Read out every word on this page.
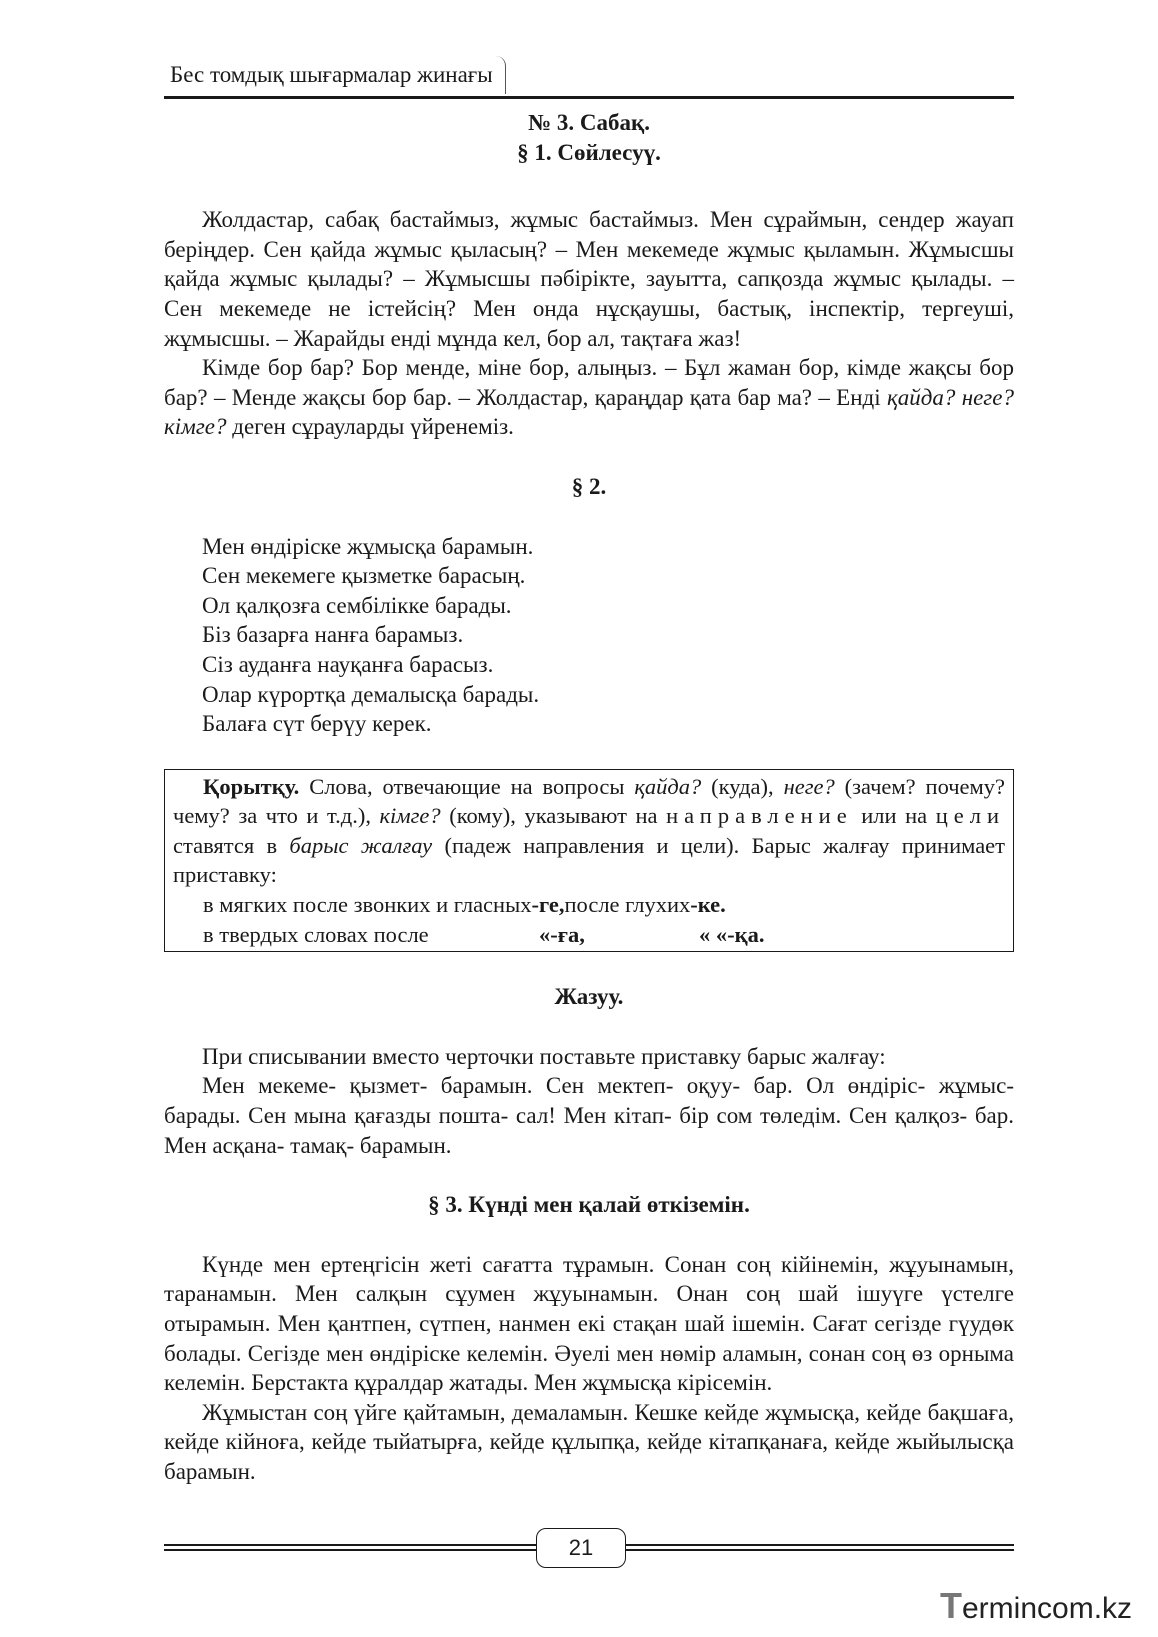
Бес томдық шығармалар жинағы
№ 3. Сабақ.
§ 1. Сөйлесуү.

Жолдастар, сабақ бастаймыз, жұмыс бастаймыз. Мен сұраймын, сендер жауап беріңдер. Сен қайда жұмыс қыласың? – Мен мекемеде жұмыс қыламын. Жұмысшы қайда жұмыс қылады? – Жұмысшы пәбірікте, зауытта, сапқозда жұмыс қылады. – Сен мекемеде не істейсің? Мен онда нұсқаушы, бастық, інспектір, тергеуші, жұмысшы. – Жарайды енді мұнда кел, бор ал, тақтаға жаз!

Кімде бор бар? Бор менде, міне бор, алыңыз. – Бұл жаман бор, кімде жақсы бор бар? – Менде жақсы бор бар. – Жолдастар, қараңдар қата бар ма? – Енді қайда? неге? кімге? деген сұрауларды үйренеміз.

§ 2.
Мен өндіріске жұмысқа барамын.
Сен мекемеге қызметке барасың.
Ол қалқозға сембілікке барады.
Біз базарға нанға барамыз.
Сіз ауданға науқанға барасыз.
Олар күрортқа демалысқа барады.
Балаға сүт берүу керек.

Қорытқу. Слова, отвечающие на вопросы қайда? (куда), неге? (зачем? почему? чему? за что и т.д.), кімге? (кому), указывают на направление или на цели ставятся в барыс жалғау (падеж направления и цели). Барыс жалғау принимает приставку:

в мягких после звонких и гласных-ге,после глухих-ке.
в твердых словах после	«-ға,	« «-қа.
Жазуу.

При списывании вместо черточки поставьте приставку барыс жалғау:

Мен мекеме- қызмет- барамын. Сен мектеп- оқуу- бар. Ол өндіріс- жұмыс- барады. Сен мына қағазды пошта- сал! Мен кітап- бір сом төледім. Сен қалқоз- бар. Мен асқана- тамақ- барамын.

§ 3. Күнді мен қалай өткіземін.

Күнде мен ертеңгісін жеті сағатта тұрамын. Сонан соң кійінемін, жұуынамын, таранамын. Мен салқын сұумен жұуынамын. Онан соң шай ішуүге үстелге отырамын. Мен қантпен, сүтпен, нанмен екі стақан шай ішемін. Сағат сегізде гүудөк болады. Сегізде мен өндіріске келемін. Әуелі мен нөмір аламын, сонан соң өз орныма келемін. Берстакта құралдар жатады. Мен жұмысқа кірісемін.

Жұмыстан соң үйге қайтамын, демаламын. Кешке кейде жұмысқа, кейде бақшаға, кейде кійноға, кейде тыйатырға, кейде құлыпқа, кейде кітапқанаға, кейде жыйылысқа барамын.

21
Termincom.kz
